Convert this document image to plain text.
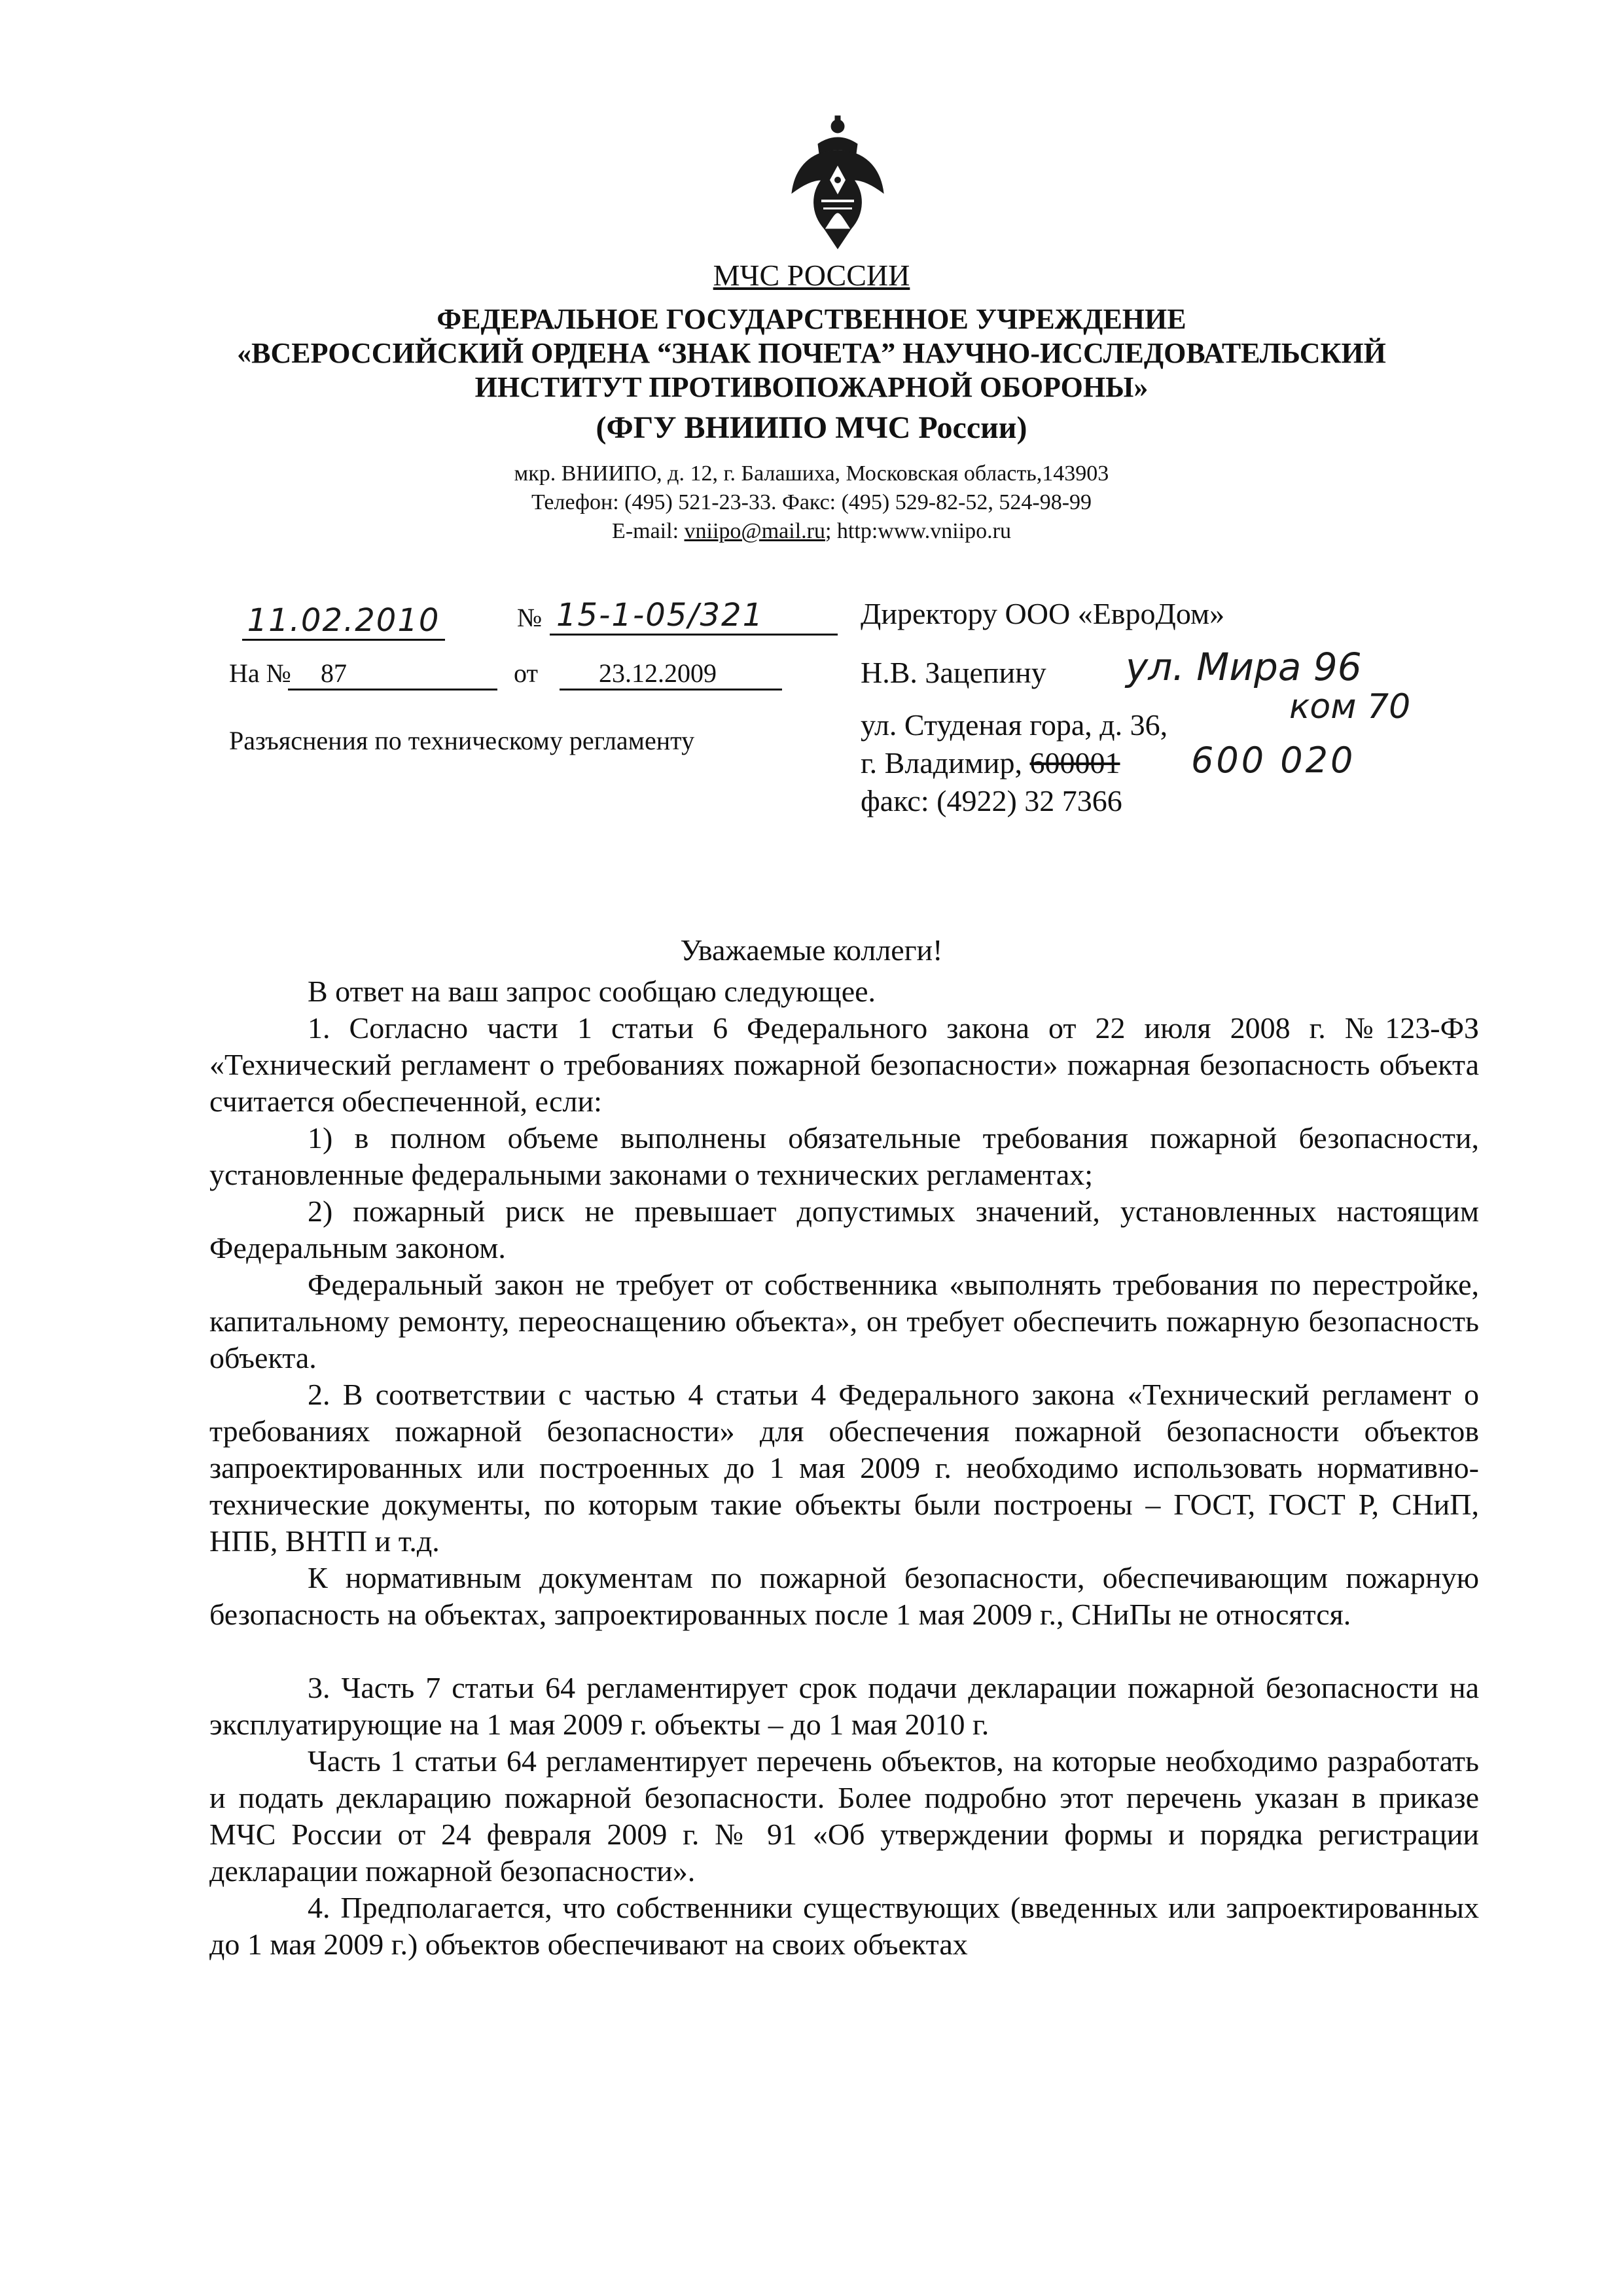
МЧС РОССИИ
ФЕДЕРАЛЬНОЕ ГОСУДАРСТВЕННОЕ УЧРЕЖДЕНИЕ
«ВСЕРОССИЙСКИЙ ОРДЕНА “ЗНАК ПОЧЕТА” НАУЧНО-ИССЛЕДОВАТЕЛЬСКИЙ
ИНСТИТУТ ПРОТИВОПОЖАРНОЙ ОБОРОНЫ»
(ФГУ ВНИИПО МЧС России)
мкр. ВНИИПО, д. 12, г. Балашиха, Московская область,143903
Телефон: (495) 521-23-33. Факс: (495) 529-82-52, 524-98-99
E-mail: vniipo@mail.ru; http:www.vniipo.ru
11.02.2010	№ 15-1-05/321
На №	87	от	23.12.2009
Разъяснения по техническому регламенту
Директору ООО «ЕвроДом»
Н.В. Зацепину
ул. Студеная гора, д. 36,
г. Владимир, 600001
факс: (4922) 32 7366
ул. Мира 96
ком 70
600 020
Уважаемые коллеги!

В ответ на ваш запрос сообщаю следующее.

1. Согласно части 1 статьи 6 Федерального закона от 22 июля 2008 г. №123-ФЗ «Технический регламент о требованиях пожарной безопасности» пожарная безопасность объекта считается обеспеченной, если:

1) в полном объеме выполнены обязательные требования пожарной безопасности, установленные федеральными законами о технических регламентах;

2) пожарный риск не превышает допустимых значений, установленных настоящим Федеральным законом.

Федеральный закон не требует от собственника «выполнять требования по перестройке, капитальному ремонту, переоснащению объекта», он требует обеспечить пожарную безопасность объекта.

2. В соответствии с частью 4 статьи 4 Федерального закона «Технический регламент о требованиях пожарной безопасности» для обеспечения пожарной безопасности объектов запроектированных или построенных до 1 мая 2009 г. необходимо использовать нормативно-технические документы, по которым такие объекты были построены – ГОСТ, ГОСТ Р, СНиП, НПБ, ВНТП и т.д.

К нормативным документам по пожарной безопасности, обеспечивающим пожарную безопасность на объектах, запроектированных после 1 мая 2009 г., СНиПы не относятся.

3. Часть 7 статьи 64 регламентирует срок подачи декларации пожарной безопасности на эксплуатирующие на 1 мая 2009 г. объекты – до 1 мая 2010 г.

Часть 1 статьи 64 регламентирует перечень объектов, на которые необходимо разработать и подать декларацию пожарной безопасности. Более подробно этот перечень указан в приказе МЧС России от 24 февраля 2009 г. № 91 «Об утверждении формы и порядка регистрации декларации пожарной безопасности».

4. Предполагается, что собственники существующих (введенных или запроектированных до 1 мая 2009 г.) объектов обеспечивают на своих объектах
